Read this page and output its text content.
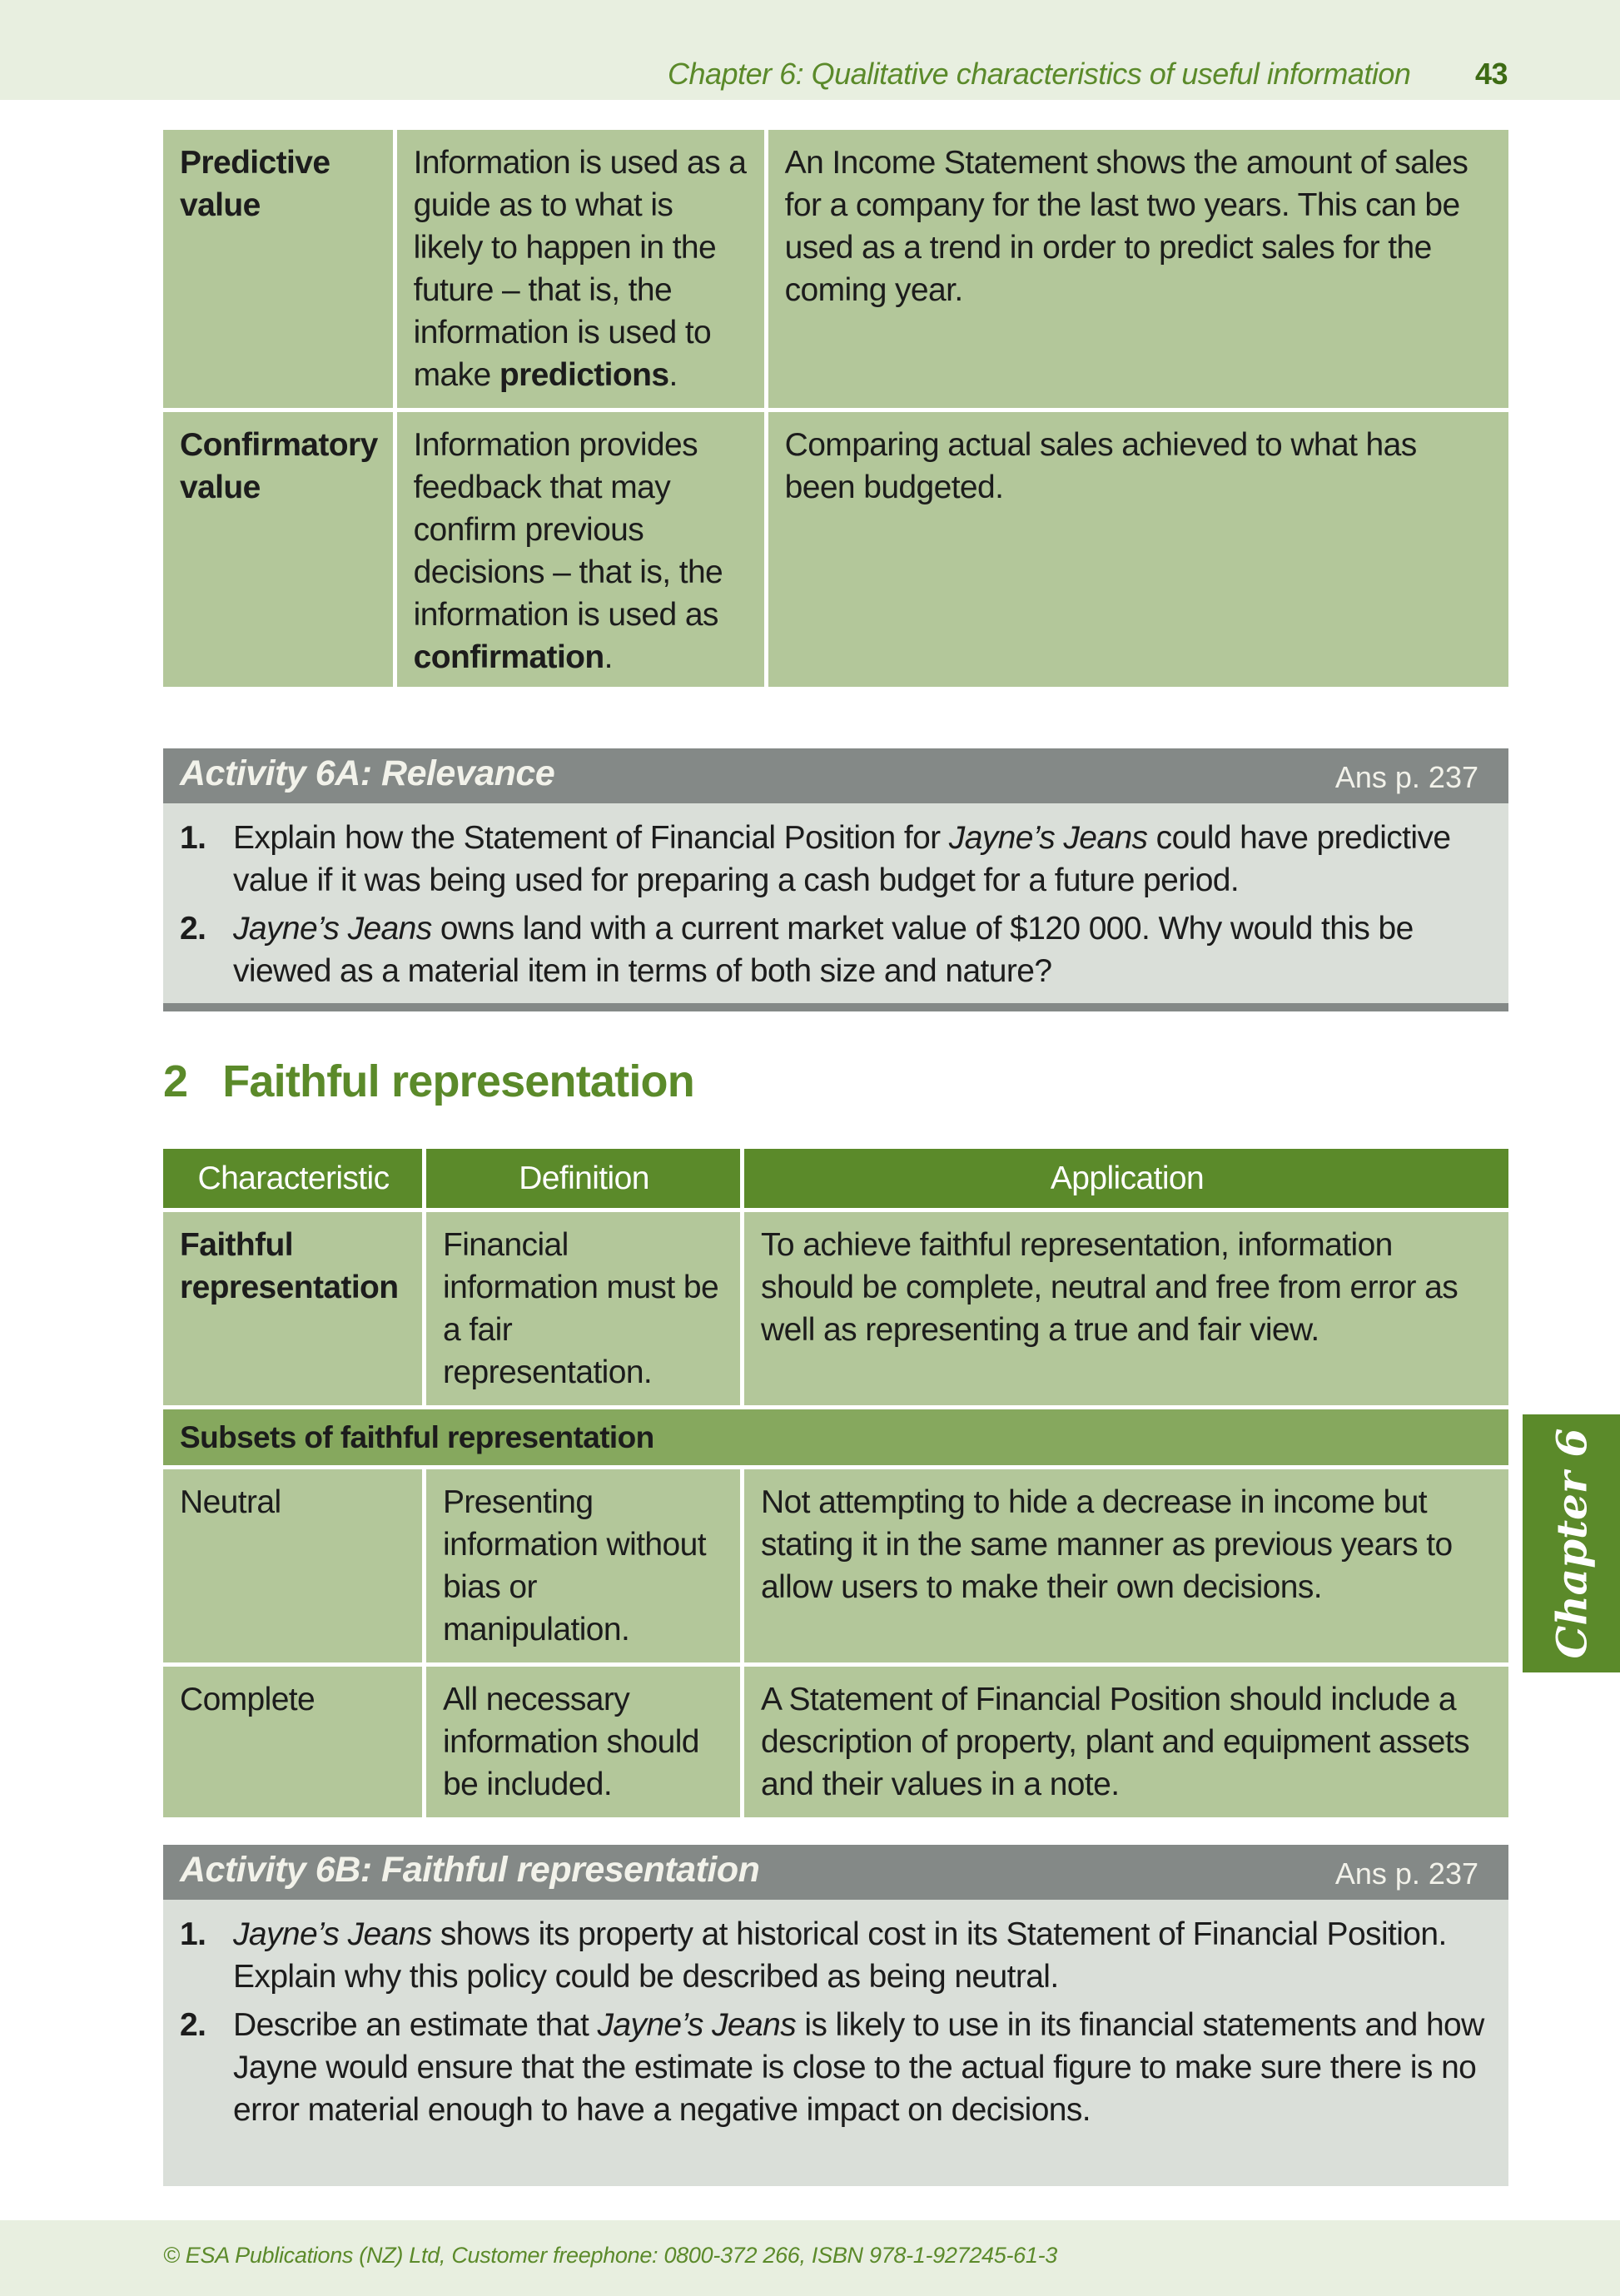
Chapter 6: Qualitative characteristics of useful information 43
Predictive
value	Information is used as a guide as to what is likely to happen in the future – that is, the information is used to make predictions.	An Income Statement shows the amount of sales for a company for the last two years. This can be used as a trend in order to predict sales for the coming year.
Confirmatory
value	Information provides feedback that may confirm previous decisions – that is, the information is used as confirmation.	Comparing actual sales achieved to what has been budgeted.
Activity 6A: Relevance	Ans p. 237
1. Explain how the Statement of Financial Position for Jayne’s Jeans could have predictive value if it was being used for preparing a cash budget for a future period.
2. Jayne’s Jeans owns land with a current market value of $120 000. Why would this be viewed as a material item in terms of both size and nature?
2 Faithful representation
Characteristic	Definition	Application
Faithful
representation	Financial information must be a fair representation.	To achieve faithful representation, information should be complete, neutral and free from error as well as representing a true and fair view.
Subsets of faithful representation		
Neutral	Presenting information without bias or manipulation.	Not attempting to hide a decrease in income but stating it in the same manner as previous years to allow users to make their own decisions.
Complete	All necessary information should be included.	A Statement of Financial Position should include a description of property, plant and equipment assets and their values in a note.
Chapter 6
Activity 6B: Faithful representation	Ans p. 237
1. Jayne’s Jeans shows its property at historical cost in its Statement of Financial Position. Explain why this policy could be described as being neutral.
2. Describe an estimate that Jayne’s Jeans is likely to use in its financial statements and how Jayne would ensure that the estimate is close to the actual figure to make sure there is no error material enough to have a negative impact on decisions.
© ESA Publications (NZ) Ltd, Customer freephone: 0800-372 266, ISBN 978-1-927245-61-3
